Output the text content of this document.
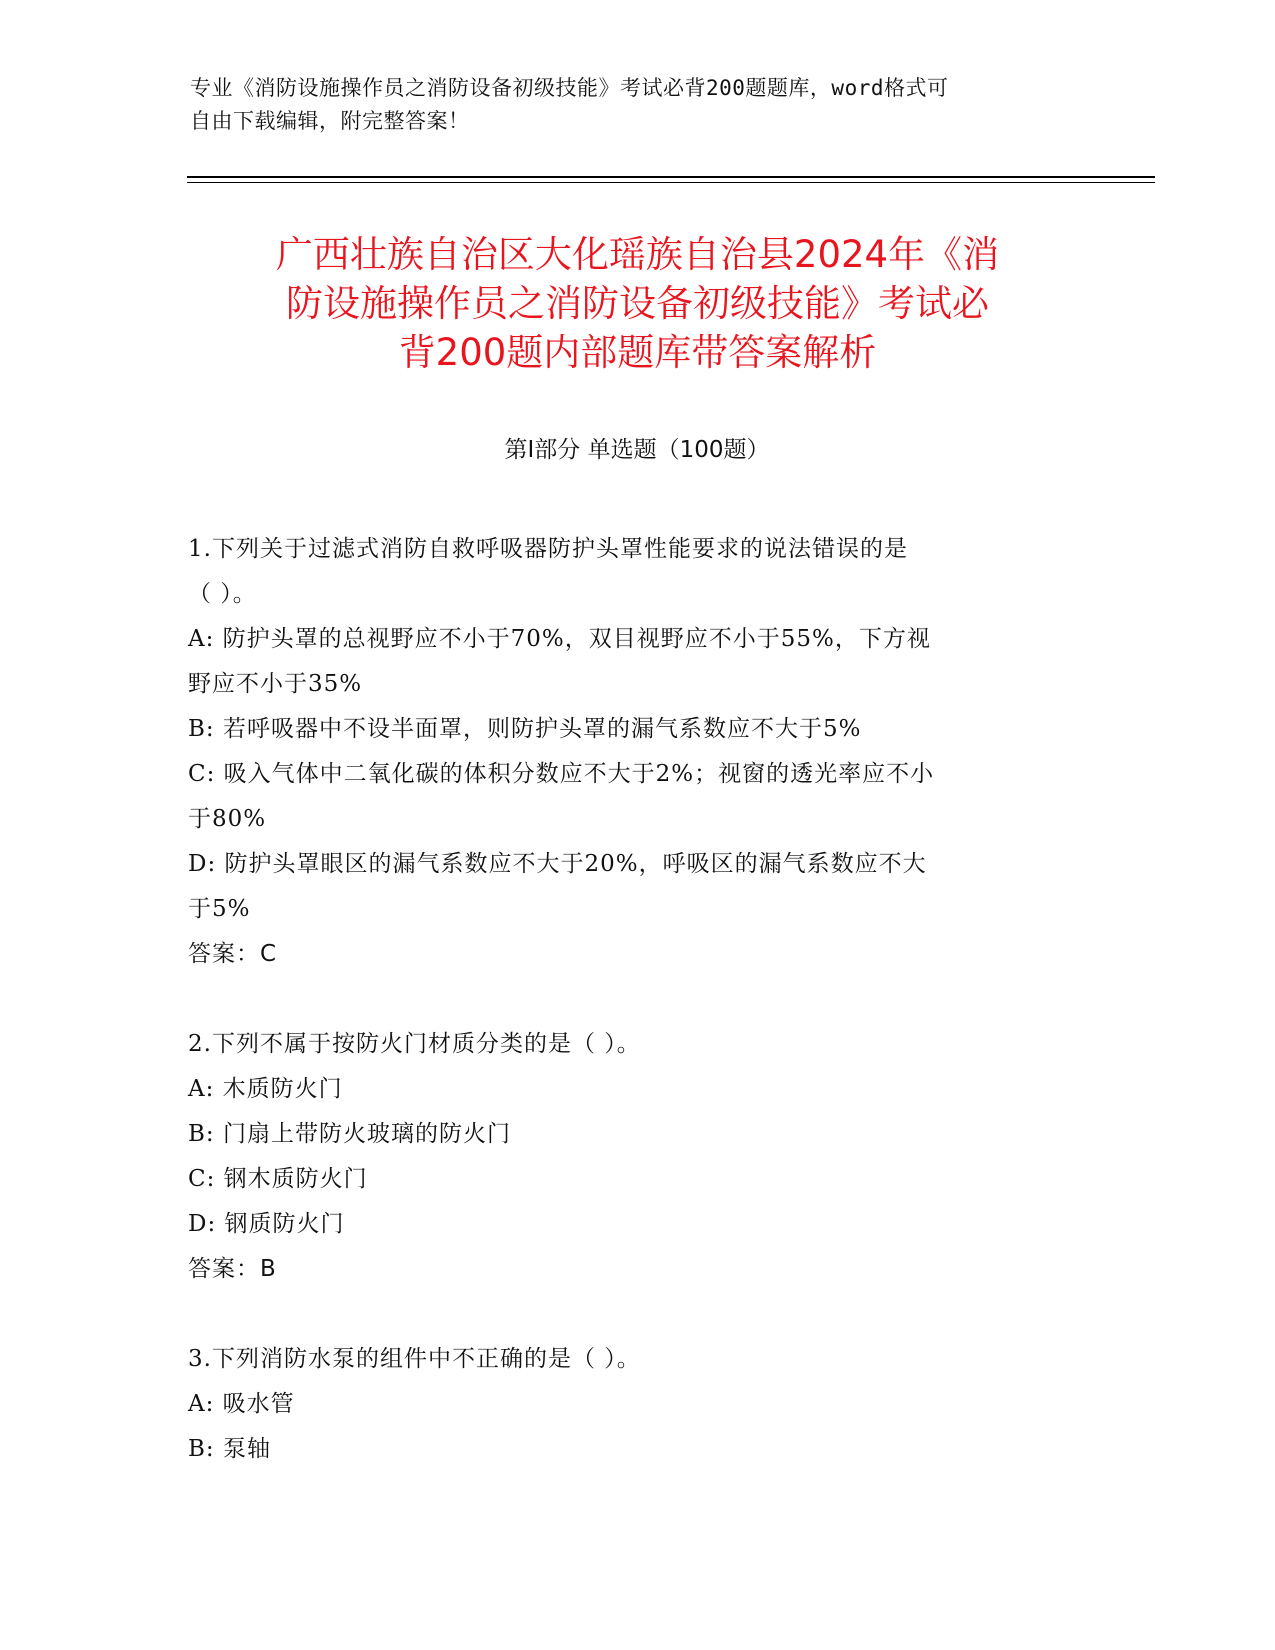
专业《消防设施操作员之消防设备初级技能》考试必背200题题库，word格式可
自由下载编辑，附完整答案！
广西壮族自治区大化瑶族自治县2024年《消
防设施操作员之消防设备初级技能》考试必
背200题内部题库带答案解析
第I部分 单选题（100题）
1.下列关于过滤式消防自救呼吸器防护头罩性能要求的说法错误的是
（ ）。
A: 防护头罩的总视野应不小于70%，双目视野应不小于55%，下方视
野应不小于35%
B: 若呼吸器中不设半面罩，则防护头罩的漏气系数应不大于5%
C: 吸入气体中二氧化碳的体积分数应不大于2%；视窗的透光率应不小
于80%
D: 防护头罩眼区的漏气系数应不大于20%，呼吸区的漏气系数应不大
于5%
答案：C
2.下列不属于按防火门材质分类的是（ ）。
A: 木质防火门
B: 门扇上带防火玻璃的防火门
C: 钢木质防火门
D: 钢质防火门
答案：B
3.下列消防水泵的组件中不正确的是（ ）。
A: 吸水管
B: 泵轴
